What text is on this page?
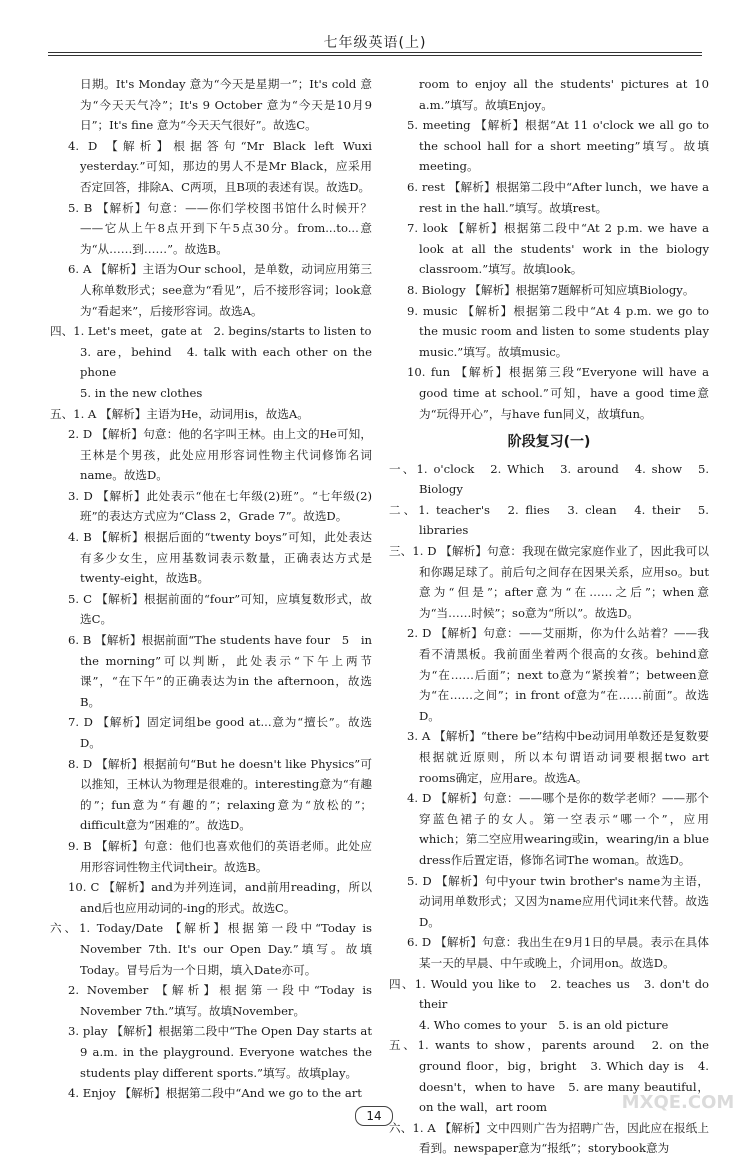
七年级英语(上)

日期。It's Monday 意为“今天是星期一”；It's cold 意为“今天天气冷”；It's 9 October 意为“今天是10月9日”；It's fine 意为“今天天气很好”。故选C。

4. D 【解析】根据答句“Mr Black left Wuxi yesterday.”可知，那边的男人不是Mr Black，应采用否定回答，排除A、C两项，且B项的表述有误。故选D。

5. B 【解析】句意：——你们学校图书馆什么时候开？——它从上午8点开到下午5点30分。from...to...意为“从……到……”。故选B。

6. A 【解析】主语为Our school，是单数，动词应用第三人称单数形式；see意为“看见”，后不接形容词；look意为“看起来”，后接形容词。故选A。

四、1. Let's meet，gate at　2. begins/starts to listen to

3. are，behind　4. talk with each other on the phone

5. in the new clothes

五、1. A 【解析】主语为He，动词用is，故选A。

2. D 【解析】句意：他的名字叫王林。由上文的He可知，王林是个男孩，此处应用形容词性物主代词修饰名词name。故选D。

3. D 【解析】此处表示“他在七年级(2)班”。“七年级(2)班”的表达方式应为“Class 2，Grade 7”。故选D。

4. B 【解析】根据后面的“twenty boys”可知，此处表达有多少女生，应用基数词表示数量，正确表达方式是twenty-eight，故选B。

5. C 【解析】根据前面的“four”可知，应填复数形式，故选C。

6. B 【解析】根据前面“The students have four　5　in the morning”可以判断，此处表示“下午上两节课”，“在下午”的正确表达为in the afternoon，故选B。

7. D 【解析】固定词组be good at...意为“擅长”。故选D。

8. D 【解析】根据前句“But he doesn't like Physics”可以推知，王林认为物理是很难的。interesting意为“有趣的”；fun意为“有趣的”；relaxing意为“放松的”；difficult意为“困难的”。故选D。

9. B 【解析】句意：他们也喜欢他们的英语老师。此处应用形容词性物主代词their。故选B。

10. C 【解析】and为并列连词，and前用reading，所以and后也应用动词的-ing的形式。故选C。

六、1. Today/Date 【解析】根据第一段中“Today is November 7th. It's our Open Day.”填写。故填Today。冒号后为一个日期，填入Date亦可。

2. November 【解析】根据第一段中“Today is November 7th.”填写。故填November。

3. play 【解析】根据第二段中“The Open Day starts at 9 a.m. in the playground. Everyone watches the students play different sports.”填写。故填play。

4. Enjoy 【解析】根据第二段中“And we go to the art

room to enjoy all the students' pictures at 10 a.m.”填写。故填Enjoy。

5. meeting 【解析】根据“At 11 o'clock we all go to the school hall for a short meeting”填写。故填meeting。

6. rest 【解析】根据第二段中“After lunch，we have a rest in the hall.”填写。故填rest。

7. look 【解析】根据第二段中“At 2 p.m. we have a look at all the students' work in the biology classroom.”填写。故填look。

8. Biology 【解析】根据第7题解析可知应填Biology。

9. music 【解析】根据第二段中“At 4 p.m. we go to the music room and listen to some students play music.”填写。故填music。

10. fun 【解析】根据第三段“Everyone will have a good time at school.”可知，have a good time意为“玩得开心”，与have fun同义，故填fun。

阶段复习(一)

一、1. o'clock　2. Which　3. around　4. show　5. Biology

二、1. teacher's　2. flies　3. clean　4. their　5. libraries

三、1. D 【解析】句意：我现在做完家庭作业了，因此我可以和你踢足球了。前后句之间存在因果关系，应用so。but意为“但是”；after意为“在……之后”；when意为“当……时候”；so意为“所以”。故选D。

2. D 【解析】句意：——艾丽斯，你为什么站着？——我看不清黑板。我前面坐着两个很高的女孩。behind意为“在……后面”；next to意为“紧挨着”；between意为“在……之间”；in front of意为“在……前面”。故选D。

3. A 【解析】“there be”结构中be动词用单数还是复数要根据就近原则，所以本句谓语动词要根据two art rooms确定，应用are。故选A。

4. D 【解析】句意：——哪个是你的数学老师？——那个穿蓝色裙子的女人。第一空表示“哪一个”，应用which；第二空应用wearing或in，wearing/in a blue dress作后置定语，修饰名词The woman。故选D。

5. D 【解析】句中your twin brother's name为主语，动词用单数形式；又因为name应用代词it来代替。故选D。

6. D 【解析】句意：我出生在9月1日的早晨。表示在具体某一天的早晨、中午或晚上，介词用on。故选D。

四、1. Would you like to　2. teaches us　3. don't do their

4. Who comes to your　5. is an old picture

五、1. wants to show，parents around　2. on the ground floor，big，bright　3. Which day is　4. doesn't，when to have　5. are many beautiful，on the wall，art room

六、1. A 【解析】文中四则广告为招聘广告，因此应在报纸上看到。newspaper意为“报纸”；storybook意为

14
MXQE.COM
